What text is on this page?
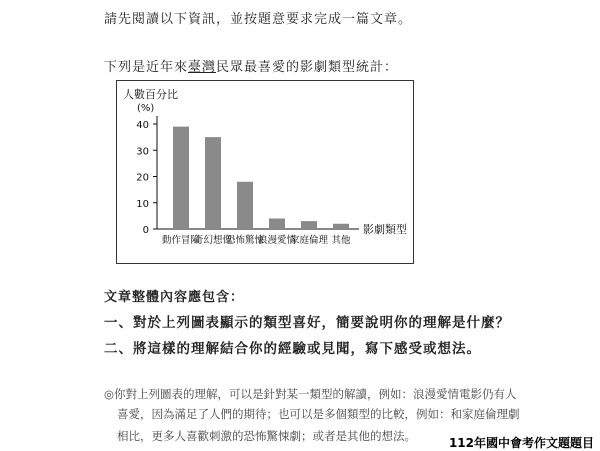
請先閱讀以下資訊，並按題意要求完成一篇文章。
下列是近年來臺灣民眾最喜愛的影劇類型統計：
人數百分比
(%)
影劇類型
0
10
20
30
40
動作冒險
奇幻想像
恐怖驚悚
浪漫愛情
家庭倫理 其他
文章整體內容應包含：
一、對於上列圖表顯示的類型喜好，簡要說明你的理解是什麼？
二、將這樣的理解結合你的經驗或見聞，寫下感受或想法。
◎你對上列圖表的理解，可以是針對某一類型的解讀，例如：浪漫愛情電影仍有人
喜愛，因為滿足了人們的期待；也可以是多個類型的比較，例如：和家庭倫理劇
相比，更多人喜歡刺激的恐怖驚悚劇；或者是其他的想法。	112年國中會考作文題題目
